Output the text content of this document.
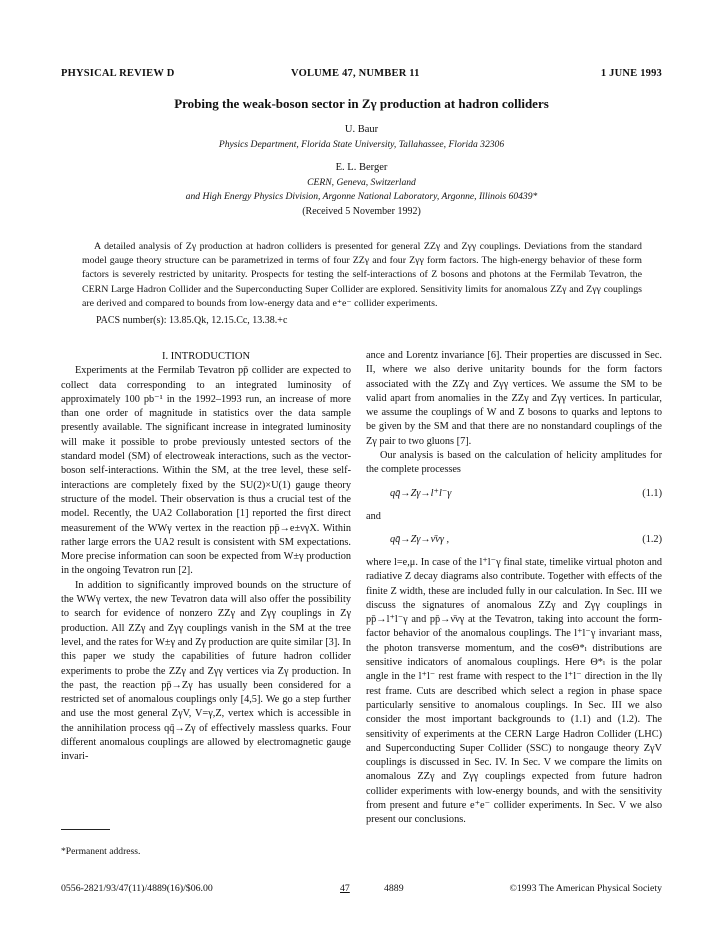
PHYSICAL REVIEW D	VOLUME 47, NUMBER 11	1 JUNE 1993
Probing the weak-boson sector in Zγ production at hadron colliders
U. Baur
Physics Department, Florida State University, Tallahassee, Florida 32306
E. L. Berger
CERN, Geneva, Switzerland
and High Energy Physics Division, Argonne National Laboratory, Argonne, Illinois 60439*
(Received 5 November 1992)

A detailed analysis of Zγ production at hadron colliders is presented for general ZZγ and Zγγ couplings. Deviations from the standard model gauge theory structure can be parametrized in terms of four ZZγ and four Zγγ form factors. The high-energy behavior of these form factors is severely restricted by unitarity. Prospects for testing the self-interactions of Z bosons and photons at the Fermilab Tevatron, the CERN Large Hadron Collider and the Superconducting Super Collider are explored. Sensitivity limits for anomalous ZZγ and Zγγ couplings are derived and compared to bounds from low-energy data and e⁺e⁻ collider experiments.

PACS number(s): 13.85.Qk, 12.15.Cc, 13.38.+c

I. INTRODUCTION

Experiments at the Fermilab Tevatron pp̄ collider are expected to collect data corresponding to an integrated luminosity of approximately 100 pb⁻¹ in the 1992–1993 run, an increase of more than one order of magnitude in statistics over the data sample presently available. The significant increase in integrated luminosity will make it possible to probe previously untested sectors of the standard model (SM) of electroweak interactions, such as the vector-boson self-interactions. Within the SM, at the tree level, these self-interactions are completely fixed by the SU(2)×U(1) gauge theory structure of the model. Their observation is thus a crucial test of the model. Recently, the UA2 Collaboration [1] reported the first direct measurement of the WWγ vertex in the reaction pp̄→e±νγX. Within rather large errors the UA2 result is consistent with SM expectations. More precise information can soon be expected from W±γ production in the ongoing Tevatron run [2].

In addition to significantly improved bounds on the structure of the WWγ vertex, the new Tevatron data will also offer the possibility to search for evidence of nonzero ZZγ and Zγγ couplings in Zγ production. All ZZγ and Zγγ couplings vanish in the SM at the tree level, and the rates for W±γ and Zγ production are quite similar [3]. In this paper we study the capabilities of future hadron collider experiments to probe the ZZγ and Zγγ vertices via Zγ production. In the past, the reaction pp̄→Zγ has usually been considered for a restricted set of anomalous couplings only [4,5]. We go a step further and use the most general ZγV, V=γ,Z, vertex which is accessible in the annihilation process qq̄→Zγ of effectively massless quarks. Four different anomalous couplings are allowed by electromagnetic gauge invari-

ance and Lorentz invariance [6]. Their properties are discussed in Sec. II, where we also derive unitarity bounds for the form factors associated with the ZZγ and Zγγ vertices. We assume the SM to be valid apart from anomalies in the ZZγ and Zγγ vertices. In particular, we assume the couplings of W and Z bosons to quarks and leptons to be given by the SM and that there are no nonstandard couplings of the Zγ pair to two gluons [7].

Our analysis is based on the calculation of helicity amplitudes for the complete processes

qq̄→Zγ→l⁺l⁻γ	(1.1)

and

qq̄→Zγ→ν̄νγ ,	(1.2)

where l=e,μ. In case of the l⁺l⁻γ final state, timelike virtual photon and radiative Z decay diagrams also contribute. Together with effects of the finite Z width, these are included fully in our calculation. In Sec. III we discuss the signatures of anomalous ZZγ and Zγγ couplings in pp̄→l⁺l⁻γ and pp̄→ν̄νγ at the Tevatron, taking into account the form-factor behavior of the anomalous couplings. The l⁺l⁻γ invariant mass, the photon transverse momentum, and the cosΘ*ₗ distributions are sensitive indicators of anomalous couplings. Here Θ*ₗ is the polar angle in the l⁺l⁻ rest frame with respect to the l⁺l⁻ direction in the llγ rest frame. Cuts are described which select a region in phase space particularly sensitive to anomalous couplings. In Sec. III we also consider the most important backgrounds to (1.1) and (1.2). The sensitivity of experiments at the CERN Large Hadron Collider (LHC) and Superconducting Super Collider (SSC) to nongauge theory ZγV couplings is discussed in Sec. IV. In Sec. V we compare the limits on anomalous ZZγ and Zγγ couplings expected from future hadron collider experiments with low-energy bounds, and with the sensitivity from present and future e⁺e⁻ collider experiments. In Sec. V we also present our conclusions.

*Permanent address.
0556-2821/93/47(11)/4889(16)/$06.00	47	4889	©1993 The American Physical Society
